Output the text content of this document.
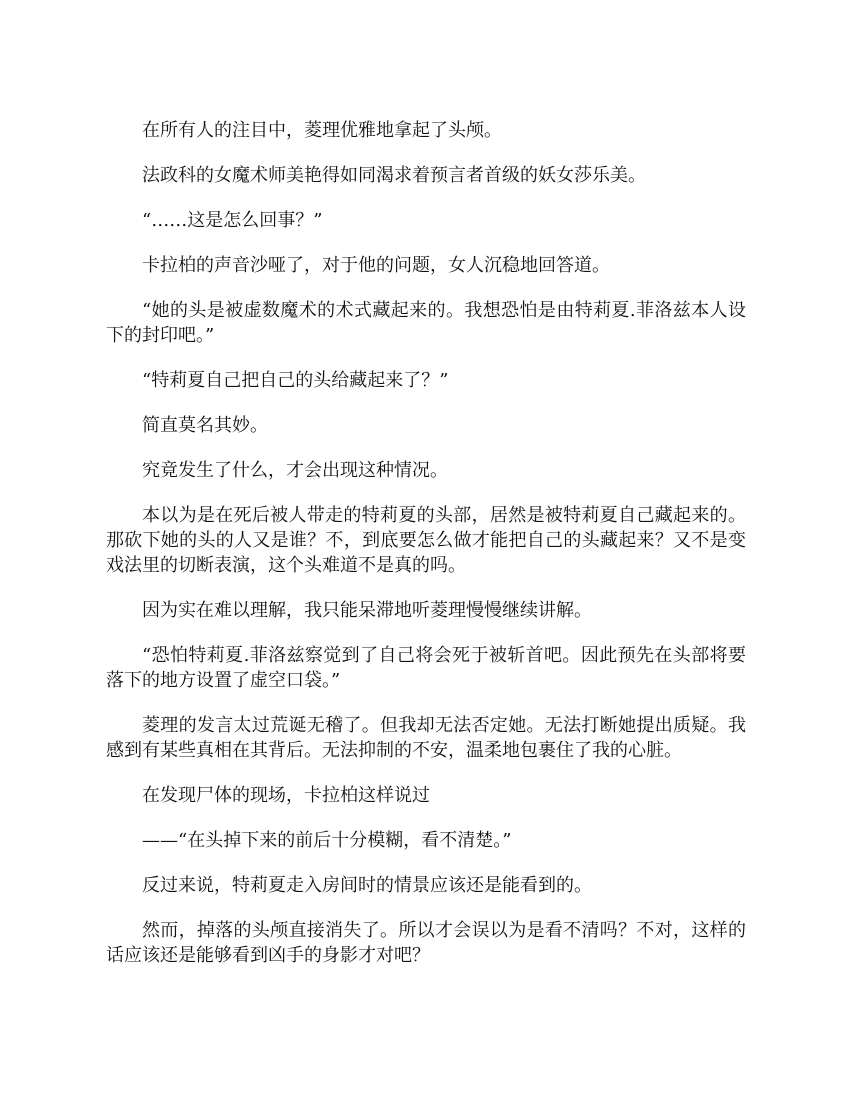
在所有人的注目中，菱理优雅地拿起了头颅。

法政科的女魔术师美艳得如同渴求着预言者首级的妖女莎乐美。

“……这是怎么回事？”

卡拉柏的声音沙哑了，对于他的问题，女人沉稳地回答道。

“她的头是被虚数魔术的术式藏起来的。我想恐怕是由特莉夏.菲洛兹本人设下的封印吧。”

“特莉夏自己把自己的头给藏起来了？”

简直莫名其妙。

究竟发生了什么，才会出现这种情况。

本以为是在死后被人带走的特莉夏的头部，居然是被特莉夏自己藏起来的。那砍下她的头的人又是谁？不，到底要怎么做才能把自己的头藏起来？又不是变戏法里的切断表演，这个头难道不是真的吗。

因为实在难以理解，我只能呆滞地听菱理慢慢继续讲解。

“恐怕特莉夏.菲洛兹察觉到了自己将会死于被斩首吧。因此预先在头部将要落下的地方设置了虚空口袋。”

菱理的发言太过荒诞无稽了。但我却无法否定她。无法打断她提出质疑。我感到有某些真相在其背后。无法抑制的不安，温柔地包裹住了我的心脏。

在发现尸体的现场，卡拉柏这样说过

——“在头掉下来的前后十分模糊，看不清楚。”

反过来说，特莉夏走入房间时的情景应该还是能看到的。

然而，掉落的头颅直接消失了。所以才会误以为是看不清吗？不对，这样的话应该还是能够看到凶手的身影才对吧？
